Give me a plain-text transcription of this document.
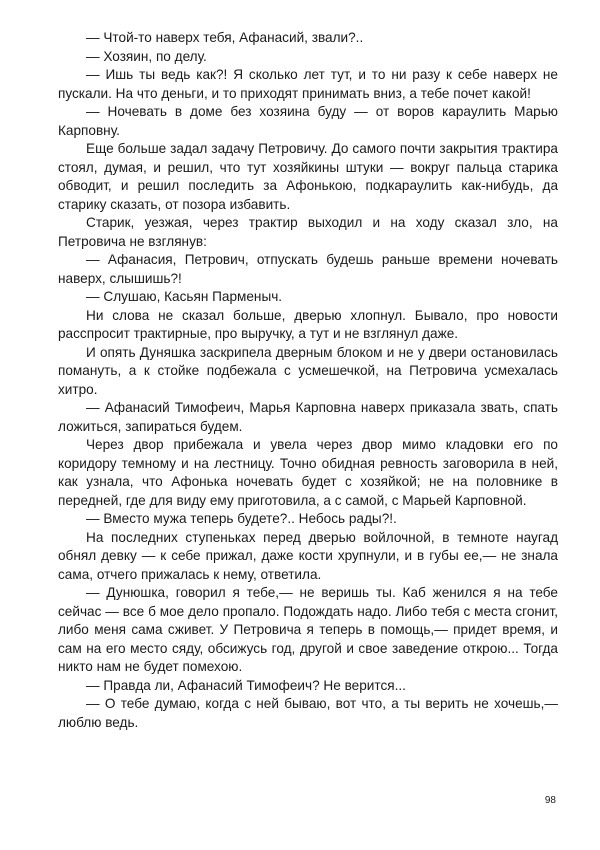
— Чтой-то наверх тебя, Афанасий, звали?..

— Хозяин, по делу.

— Ишь ты ведь как?! Я сколько лет тут, и то ни разу к себе наверх не пускали. На что деньги, и то приходят принимать вниз, а тебе почет какой!

— Ночевать в доме без хозяина буду — от воров караулить Марью Карповну.

Еще больше задал задачу Петровичу. До самого почти закрытия трактира стоял, думая, и решил, что тут хозяйкины штуки — вокруг пальца старика обводит, и решил последить за Афонькою, подкараулить как-нибудь, да старику сказать, от позора избавить.

Старик, уезжая, через трактир выходил и на ходу сказал зло, на Петровича не взглянув:

— Афанасия, Петрович, отпускать будешь раньше времени ночевать наверх, слышишь?!

— Слушаю, Касьян Парменыч.

Ни слова не сказал больше, дверью хлопнул. Бывало, про новости расспросит трактирные, про выручку, а тут и не взглянул даже.

И опять Дуняшка заскрипела дверным блоком и не у двери остановилась помануть, а к стойке подбежала с усмешечкой, на Петровича усмехалась хитро.

— Афанасий Тимофеич, Марья Карповна наверх приказала звать, спать ложиться, запираться будем.

Через двор прибежала и увела через двор мимо кладовки его по коридору темному и на лестницу. Точно обидная ревность заговорила в ней, как узнала, что Афонька ночевать будет с хозяйкой; не на половнике в передней, где для виду ему приготовила, а с самой, с Марьей Карповной.

— Вместо мужа теперь будете?.. Небось рады?!.

На последних ступеньках перед дверью войлочной, в темноте наугад обнял девку — к себе прижал, даже кости хрупнули, и в губы ее,— не знала сама, отчего прижалась к нему, ответила.

— Дунюшка, говорил я тебе,— не веришь ты. Каб женился я на тебе сейчас — все б мое дело пропало. Подождать надо. Либо тебя с места сгонит, либо меня сама сживет. У Петровича я теперь в помощь,— придет время, и сам на его место сяду, обсижусь год, другой и свое заведение открою... Тогда никто нам не будет помехою.

— Правда ли, Афанасий Тимофеич? Не верится...

— О тебе думаю, когда с ней бываю, вот что, а ты верить не хочешь,— люблю ведь.

98
